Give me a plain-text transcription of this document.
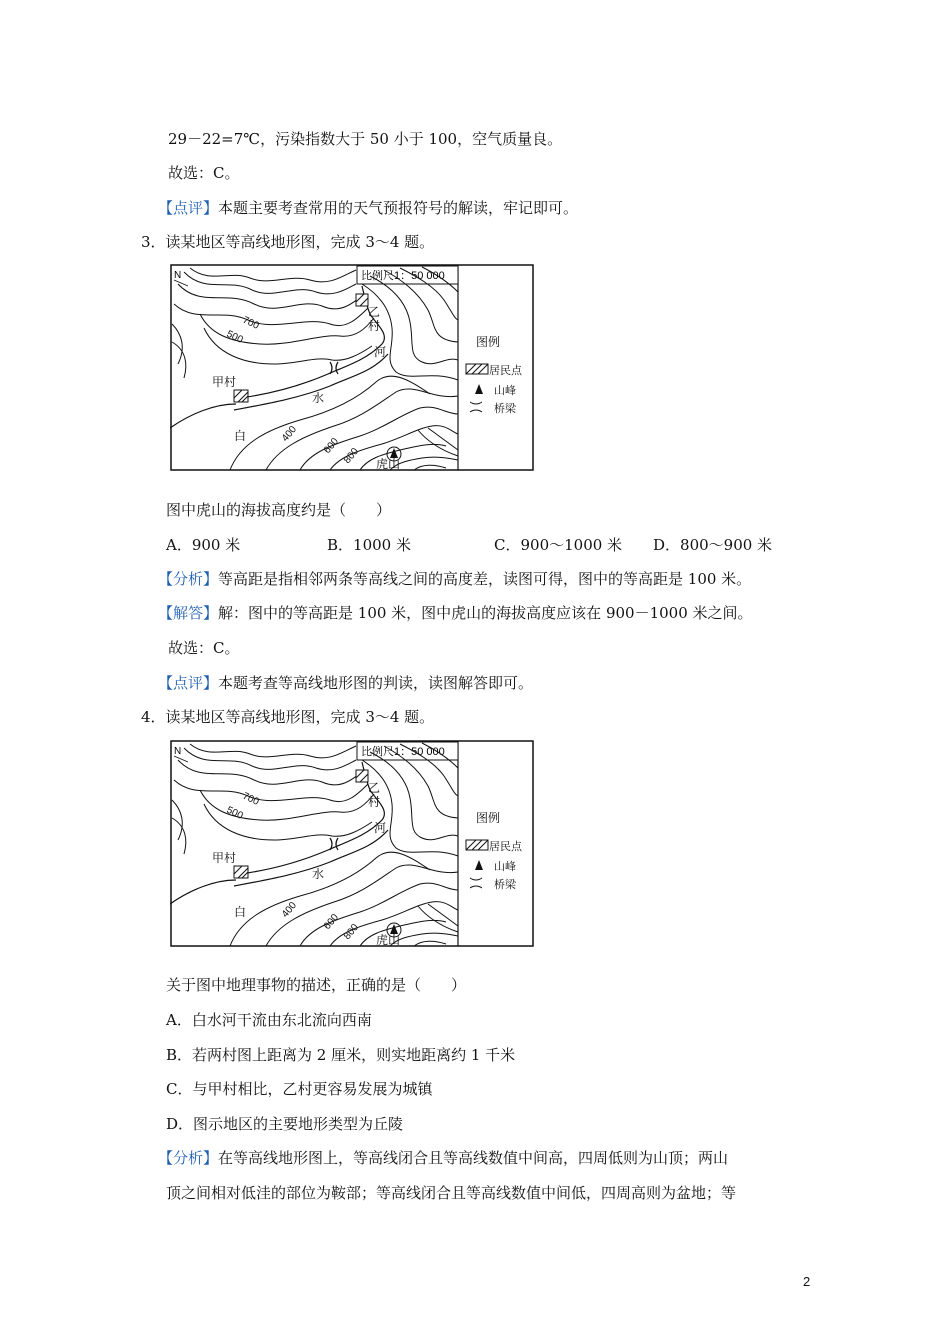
29－22=7℃，污染指数大于 50 小于 100，空气质量良。
故选：C。
【点评】本题主要考查常用的天气预报符号的解读，牢记即可。
3．读某地区等高线地形图，完成 3～4 题。
比例尺1：50 000
N
甲村
乙
村
河
水
白
虎山
700
500
400
600
800
图例
居民点
山峰
桥梁
图中虎山的海拔高度约是（　　）
A．900 米	B．1000 米	C．900～1000 米 D．800～900 米
【分析】等高距是指相邻两条等高线之间的高度差，读图可得，图中的等高距是 100 米。
【解答】解：图中的等高距是 100 米，图中虎山的海拔高度应该在 900－1000 米之间。
故选：C。
【点评】本题考查等高线地形图的判读，读图解答即可。
4．读某地区等高线地形图，完成 3～4 题。
比例尺1：50 000
N
甲村
乙
村
河
水
白
虎山
700
500
400
600
800
图例
居民点
山峰
桥梁
关于图中地理事物的描述，正确的是（　　）
A．白水河干流由东北流向西南
B．若两村图上距离为 2 厘米，则实地距离约 1 千米
C．与甲村相比，乙村更容易发展为城镇
D．图示地区的主要地形类型为丘陵
【分析】在等高线地形图上，等高线闭合且等高线数值中间高，四周低则为山顶；两山
顶之间相对低洼的部位为鞍部；等高线闭合且等高线数值中间低，四周高则为盆地；等
2
